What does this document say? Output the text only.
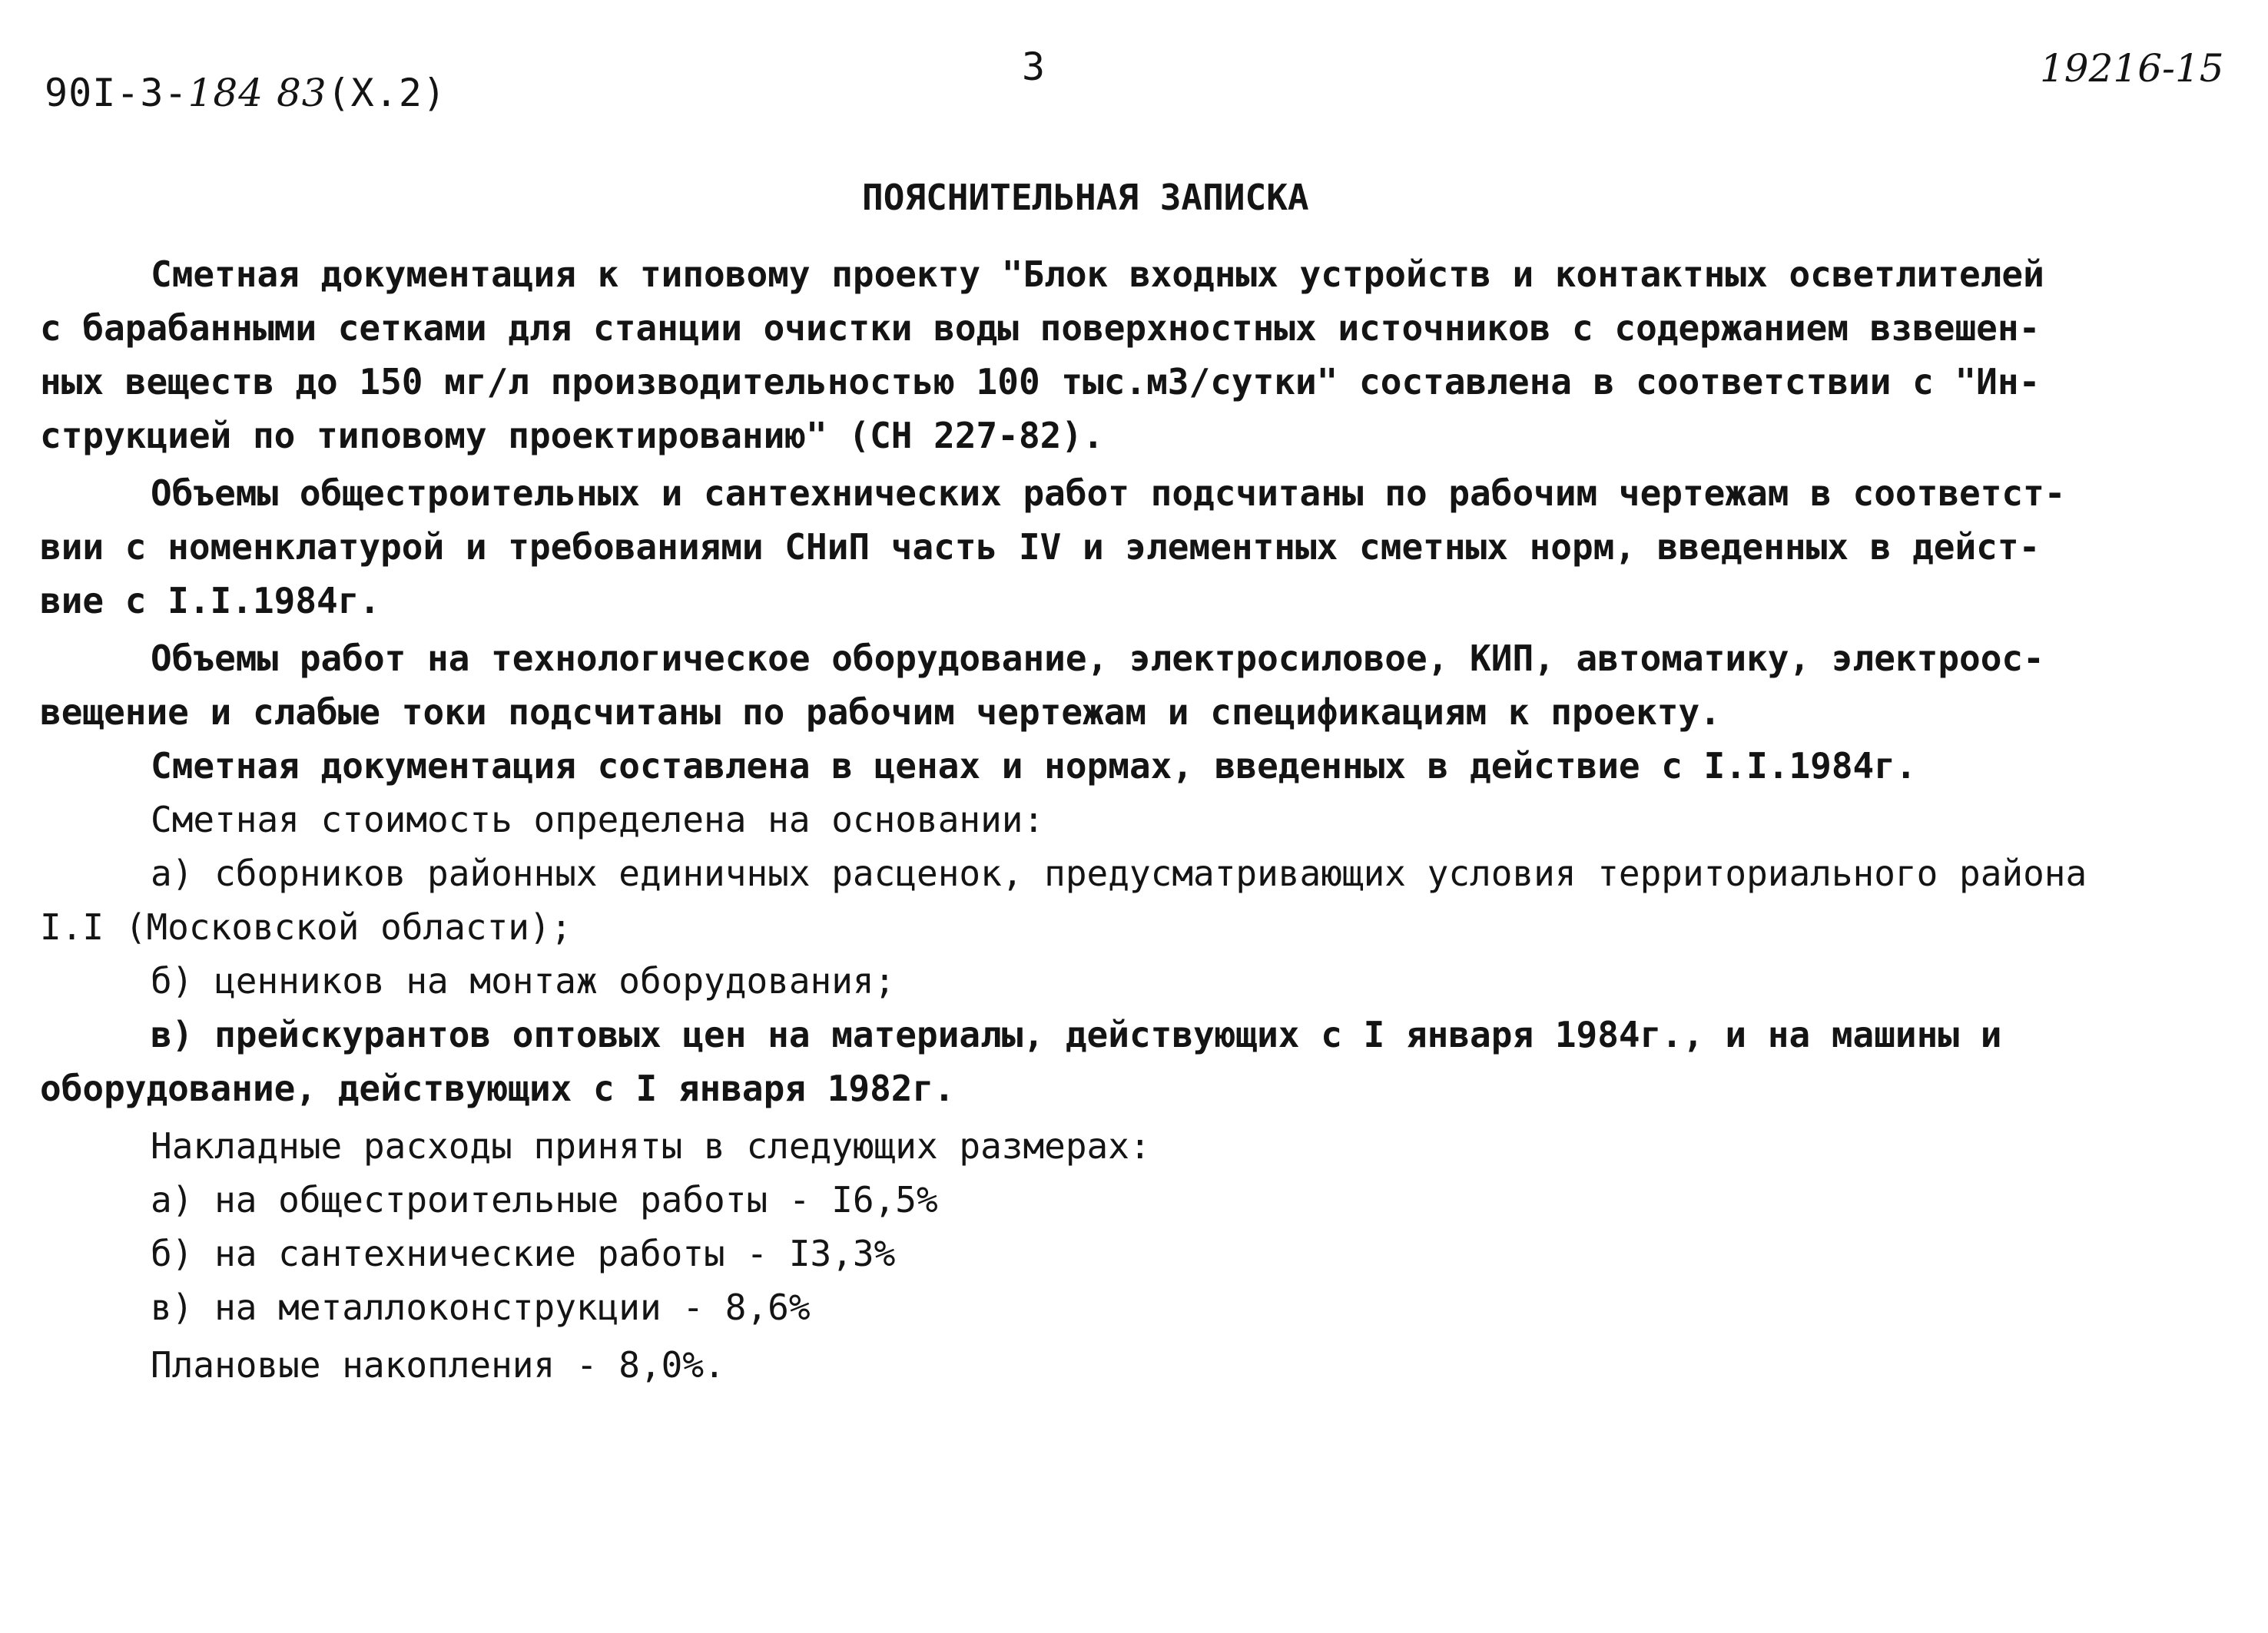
90I-3-184 83(X.2)
3	19216-15
ПОЯСНИТЕЛЬНАЯ ЗАПИСКА
Сметная документация к типовому проекту "Блок входных устройств и контактных осветлителей
с барабанными сетками для станции очистки воды поверхностных источников с содержанием взвешен-
ных веществ до 150 мг/л производительностью 100 тыс.м3/сутки" составлена в соответствии с "Ин-
струкцией по типовому проектированию" (СН 227-82).
Объемы общестроительных и сантехнических работ подсчитаны по рабочим чертежам в соответст-
вии с номенклатурой и требованиями СНиП часть IV и элементных сметных норм, введенных в дейст-
вие с I.I.1984г.
Объемы работ на технологическое оборудование, электросиловое, КИП, автоматику, электроос-
вещение и слабые токи подсчитаны по рабочим чертежам и спецификациям к проекту.
Сметная документация составлена в ценах и нормах, введенных в действие с I.I.1984г.
Сметная стоимость определена на основании:
а) сборников районных единичных расценок, предусматривающих условия территориального района
I.I (Московской области);
б) ценников на монтаж оборудования;
в) прейскурантов оптовых цен на материалы, действующих с I января 1984г., и на машины и
оборудование, действующих с I января 1982г.
Накладные расходы приняты в следующих размерах:
а) на общестроительные работы - I6,5%
б) на сантехнические работы - I3,3%
в) на металлоконструкции - 8,6%
Плановые накопления - 8,0%.
